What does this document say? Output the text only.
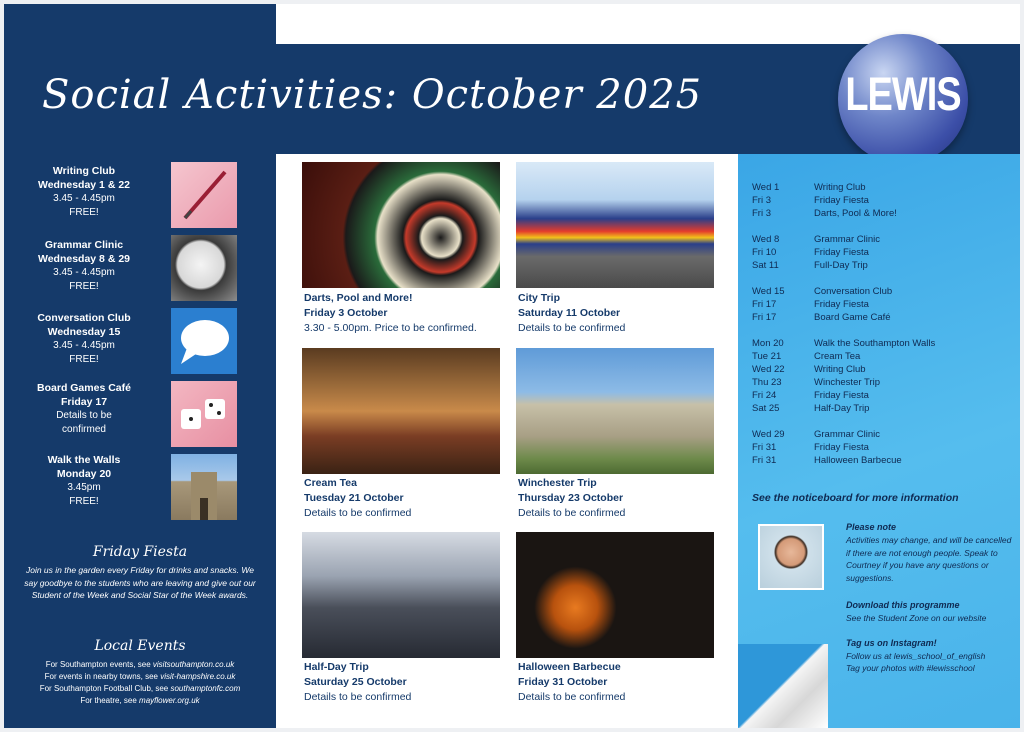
Social Activities: October 2025	LEWIS
Writing Club
Wednesday 1 & 22
3.45 - 4.45pm
FREE!
Grammar Clinic
Wednesday 8 & 29
3.45 - 4.45pm
FREE!
Conversation Club
Wednesday 15
3.45 - 4.45pm
FREE!
Board Games Café
Friday 17
Details to be
confirmed
Walk the Walls
Monday 20
3.45pm
FREE!
Friday Fiesta
Join us in the garden every Friday for drinks and snacks. We say goodbye to the students who are leaving and give out our Student of the Week and Social Star of the Week awards.
Local Events
For Southampton events, see visitsouthampton.co.uk
For events in nearby towns, see visit-hampshire.co.uk
For Southampton Football Club, see southamptonfc.com
For theatre, see mayflower.org.uk
Darts, Pool and More!
Friday 3 October
3.30 - 5.00pm. Price to be confirmed.
City Trip
Saturday 11 October
Details to be confirmed
Cream Tea
Tuesday 21 October
Details to be confirmed
Winchester Trip
Thursday 23 October
Details to be confirmed
Half-Day Trip
Saturday 25 October
Details to be confirmed
Halloween Barbecue
Friday 31 October
Details to be confirmed
See the noticeboard for more information
Please note
Activities may change, and will be cancelled if there are not enough people. Speak to Courtney if you have any questions or suggestions.
Download this programme
See the Student Zone on our website
Tag us on Instagram!
Follow us at lewis_school_of_english
Tag your photos with #lewisschool
Wed 1	Writing Club
Fri 3	Friday Fiesta
Fri 3	Darts, Pool & More!
Wed 8	Grammar Clinic
Fri 10	Friday Fiesta
Sat 11	Full-Day Trip
Wed 15	Conversation Club
Fri 17	Friday Fiesta
Fri 17	Board Game Café
Mon 20	Walk the Southampton Walls
Tue 21	Cream Tea
Wed 22	Writing Club
Thu 23	Winchester Trip
Fri 24	Friday Fiesta
Sat 25	Half-Day Trip
Wed 29	Grammar Clinic
Fri 31	Friday Fiesta
Fri 31	Halloween Barbecue
